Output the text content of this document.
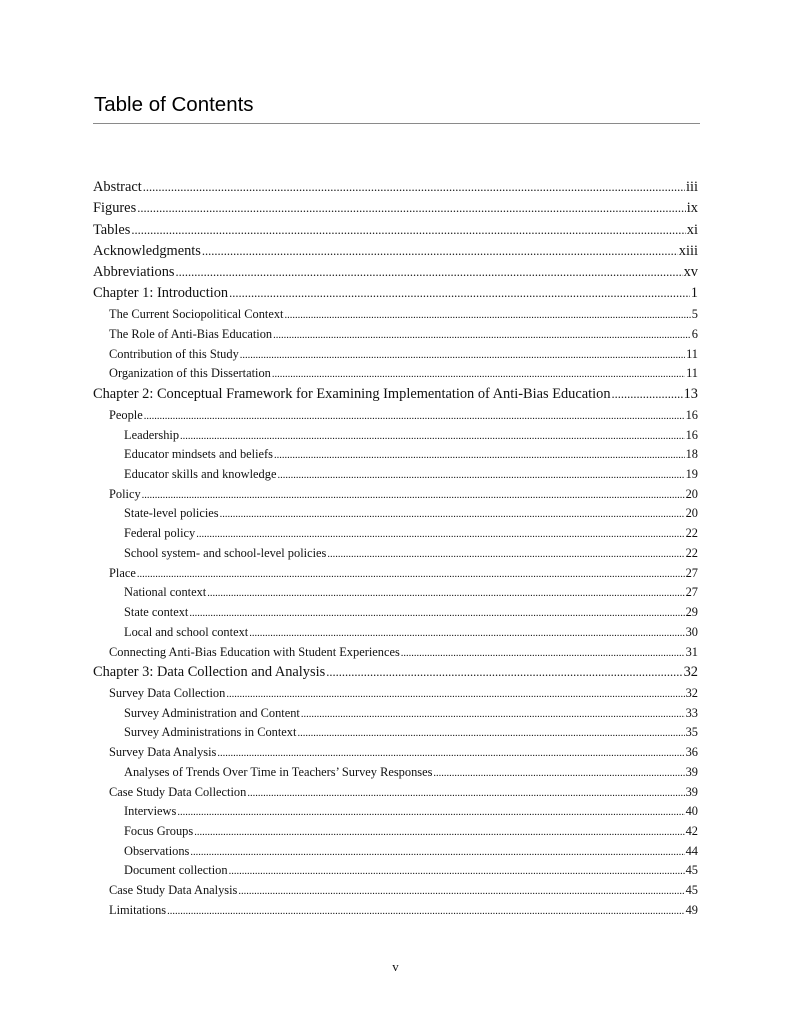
Table of Contents
Abstract .....	iii
Figures .....	ix
Tables .....	xi
Acknowledgments .....	xiii
Abbreviations .....	xv
Chapter 1: Introduction .....	1
The Current Sociopolitical Context .....	5
The Role of Anti-Bias Education .....	6
Contribution of this Study .....	11
Organization of this Dissertation .....	11
Chapter 2: Conceptual Framework for Examining Implementation of Anti-Bias Education .....	13
People .....	16
Leadership .....	16
Educator mindsets and beliefs .....	18
Educator skills and knowledge .....	19
Policy .....	20
State-level policies .....	20
Federal policy .....	22
School system- and school-level policies .....	22
Place .....	27
National context .....	27
State context .....	29
Local and school context .....	30
Connecting Anti-Bias Education with Student Experiences .....	31
Chapter 3: Data Collection and Analysis .....	32
Survey Data Collection .....	32
Survey Administration and Content .....	33
Survey Administrations in Context .....	35
Survey Data Analysis .....	36
Analyses of Trends Over Time in Teachers’ Survey Responses .....	39
Case Study Data Collection .....	39
Interviews .....	40
Focus Groups .....	42
Observations .....	44
Document collection .....	45
Case Study Data Analysis .....	45
Limitations .....	49
v
